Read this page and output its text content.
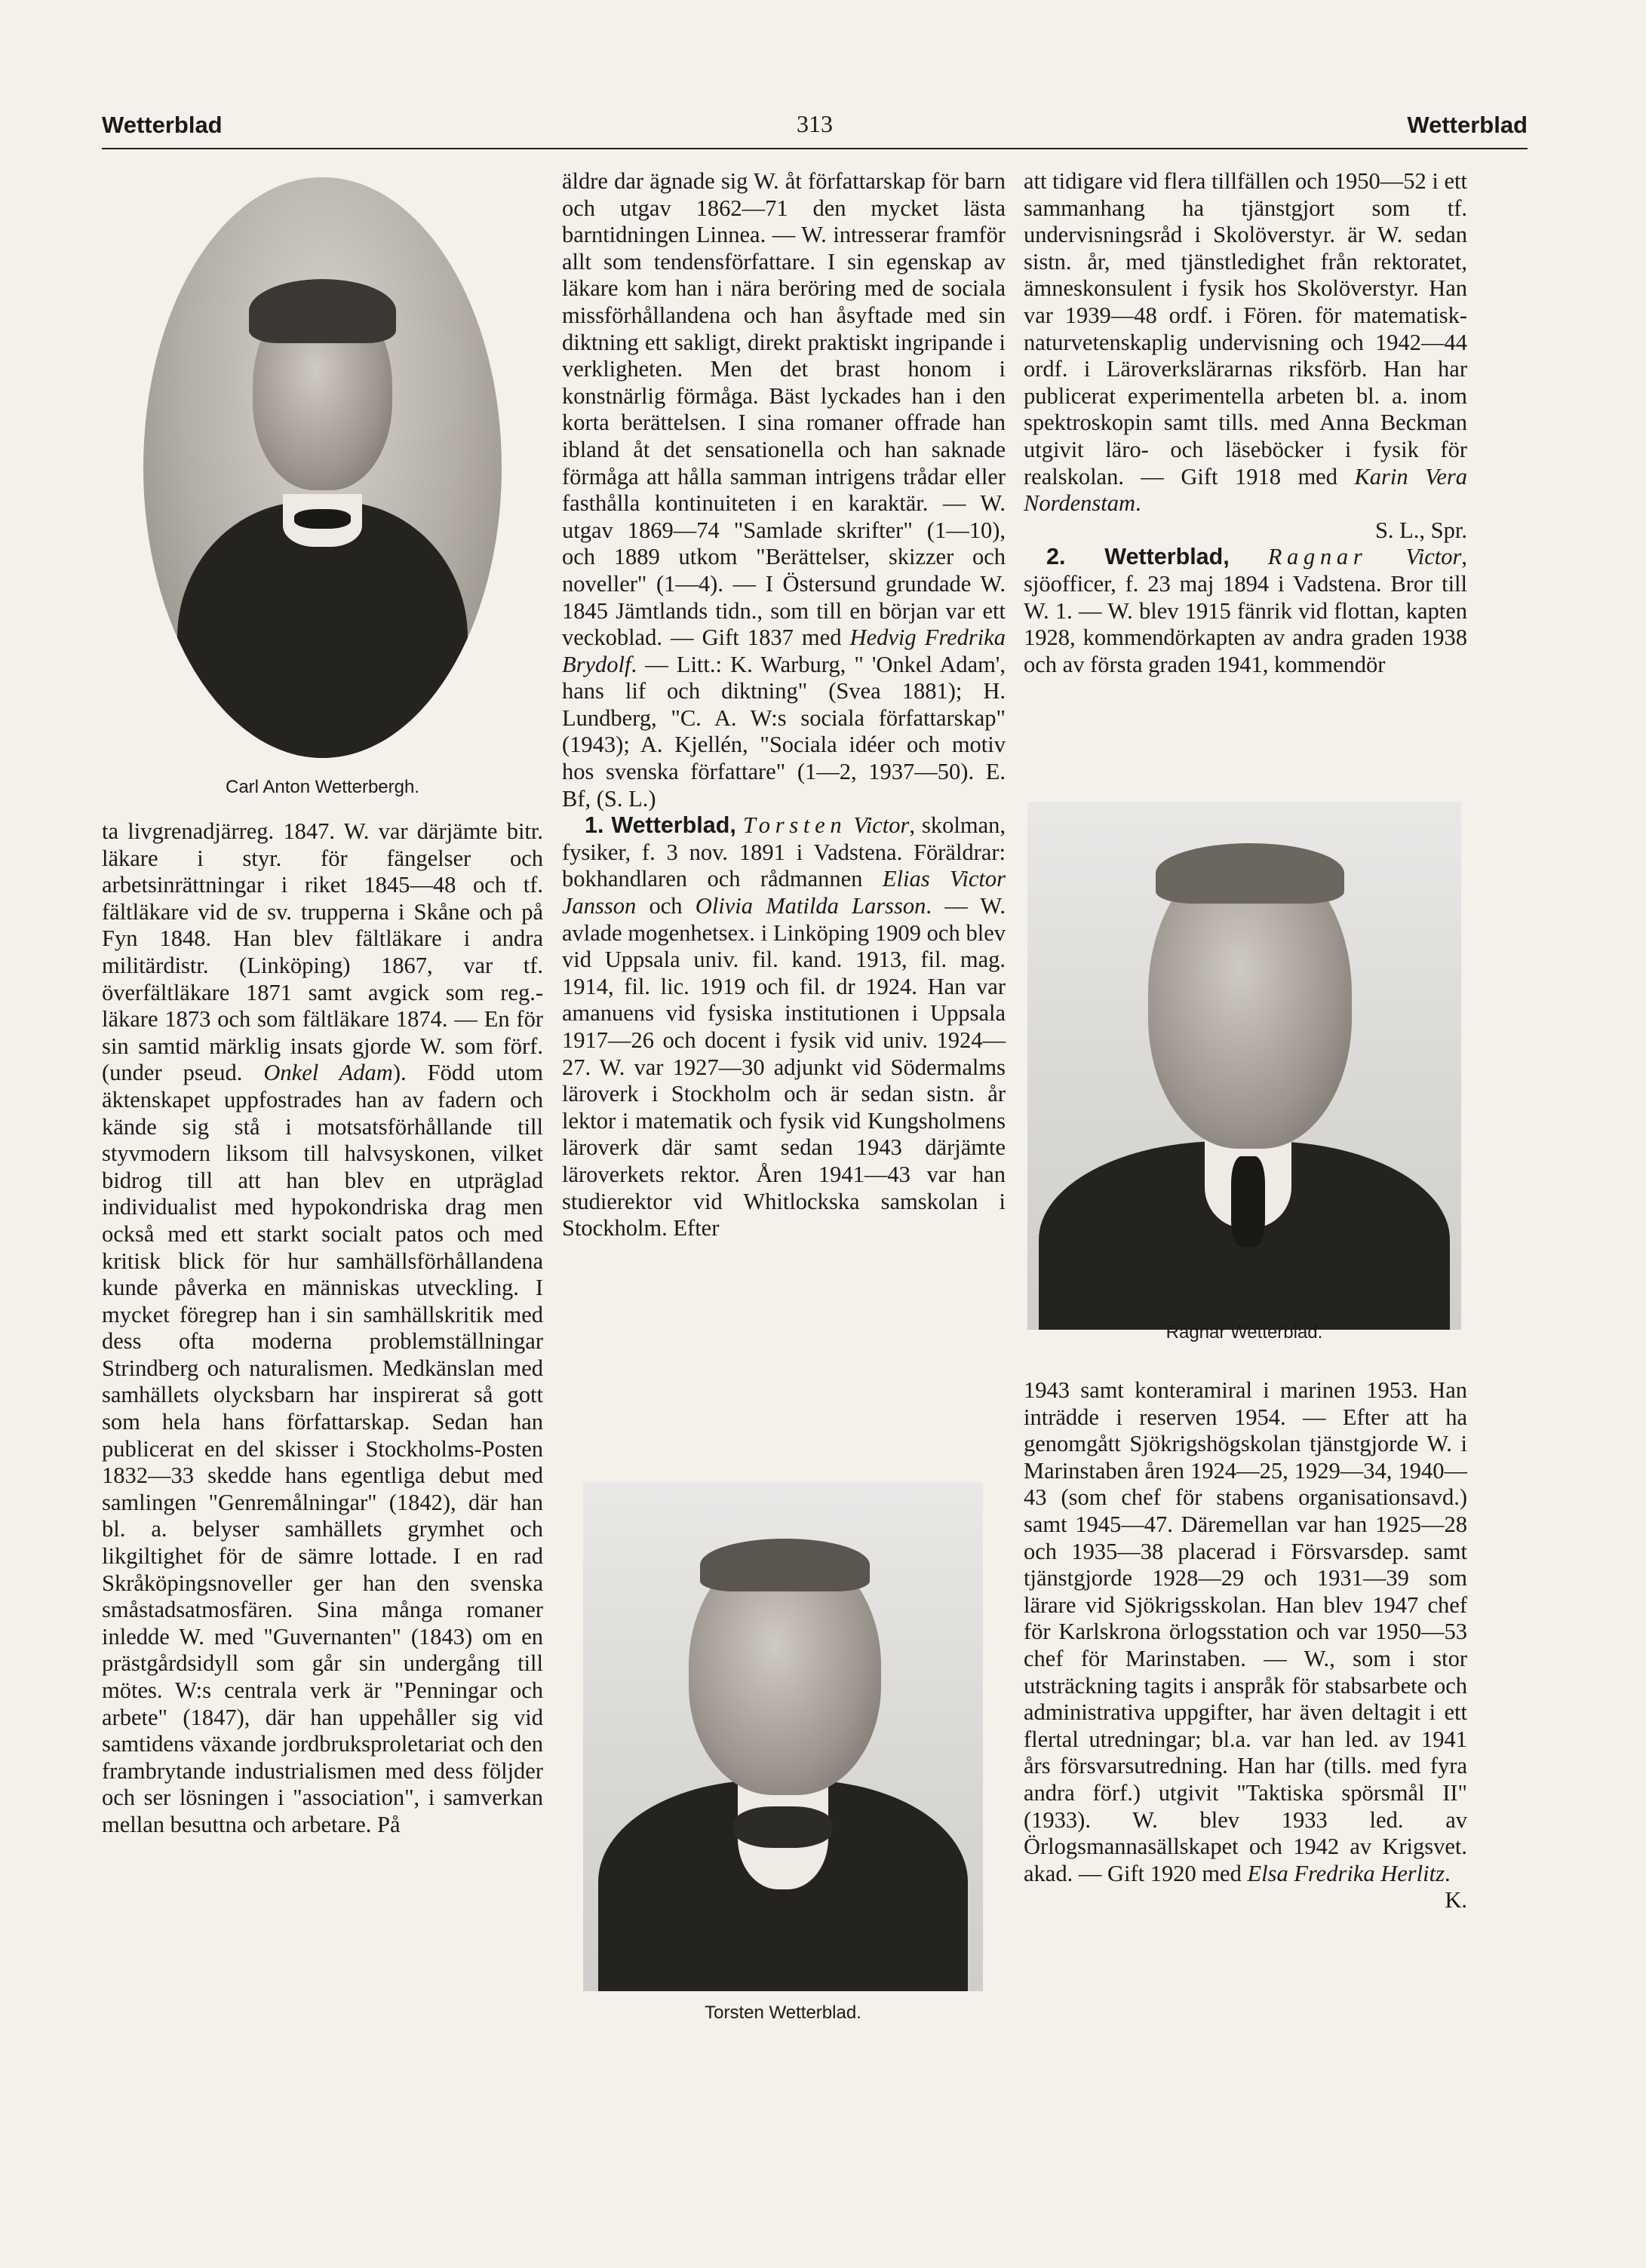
Wetterblad	313	Wetterblad
Carl Anton Wetterbergh.

ta livgrenadjärreg. 1847. W. var därjämte bitr. läkare i styr. för fängelser och arbetsinrättningar i riket 1845—48 och tf. fältläkare vid de sv. trupperna i Skåne och på Fyn 1848. Han blev fältläkare i andra militärdistr. (Linköping) 1867, var tf. överfältläkare 1871 samt avgick som reg.-läkare 1873 och som fältläkare 1874. — En för sin samtid märklig insats gjorde W. som förf. (under pseud. Onkel Adam). Född utom äktenskapet uppfostrades han av fadern och kände sig stå i motsatsförhållande till styvmodern liksom till halvsyskonen, vilket bidrog till att han blev en utpräglad individualist med hypokondriska drag men också med ett starkt socialt patos och med kritisk blick för hur samhällsförhållandena kunde påverka en människas utveckling. I mycket föregrep han i sin samhällskritik med dess ofta moderna problemställningar Strindberg och naturalismen. Medkänslan med samhällets olycksbarn har inspirerat så gott som hela hans författarskap. Sedan han publicerat en del skisser i Stockholms-Posten 1832—33 skedde hans egentliga debut med samlingen "Genremålningar" (1842), där han bl. a. belyser samhällets grymhet och likgiltighet för de sämre lottade. I en rad Skråköpingsnoveller ger han den svenska småstadsatmosfären. Sina många romaner inledde W. med "Guvernanten" (1843) om en prästgårdsidyll som går sin undergång till mötes. W:s centrala verk är "Penningar och arbete" (1847), där han uppehåller sig vid samtidens växande jordbruksproletariat och den frambrytande industrialismen med dess följder och ser lösningen i "association", i samverkan mellan besuttna och arbetare. På

äldre dar ägnade sig W. åt författarskap för barn och utgav 1862—71 den mycket lästa barntidningen Linnea. — W. intresserar framför allt som tendensförfattare. I sin egenskap av läkare kom han i nära beröring med de sociala missförhållandena och han åsyftade med sin diktning ett sakligt, direkt praktiskt ingripande i verkligheten. Men det brast honom i konstnärlig förmåga. Bäst lyckades han i den korta berättelsen. I sina romaner offrade han ibland åt det sensationella och han saknade förmåga att hålla samman intrigens trådar eller fasthålla kontinuiteten i en karaktär. — W. utgav 1869—74 "Samlade skrifter" (1—10), och 1889 utkom "Berättelser, skizzer och noveller" (1—4). — I Östersund grundade W. 1845 Jämtlands tidn., som till en början var ett veckoblad. — Gift 1837 med Hedvig Fredrika Brydolf. — Litt.: K. Warburg, " 'Onkel Adam', hans lif och diktning" (Svea 1881); H. Lundberg, "C. A. W:s sociala författarskap" (1943); A. Kjellén, "Sociala idéer och motiv hos svenska författare" (1—2, 1937—50). E. Bf, (S. L.)

1. Wetterblad, Torsten Victor, skolman, fysiker, f. 3 nov. 1891 i Vadstena. Föräldrar: bokhandlaren och rådmannen Elias Victor Jansson och Olivia Matilda Larsson. — W. avlade mogenhetsex. i Linköping 1909 och blev vid Uppsala univ. fil. kand. 1913, fil. mag. 1914, fil. lic. 1919 och fil. dr 1924. Han var amanuens vid fysiska institutionen i Uppsala 1917—26 och docent i fysik vid univ. 1924—27. W. var 1927—30 adjunkt vid Södermalms läroverk i Stockholm och är sedan sistn. år lektor i matematik och fysik vid Kungsholmens läroverk där samt sedan 1943 därjämte läroverkets rektor. Åren 1941—43 var han studierektor vid Whitlockska samskolan i Stockholm. Efter

Torsten Wetterblad.

att tidigare vid flera tillfällen och 1950—52 i ett sammanhang ha tjänstgjort som tf. undervisningsråd i Skolöverstyr. är W. sedan sistn. år, med tjänstledighet från rektoratet, ämneskonsulent i fysik hos Skolöverstyr. Han var 1939—48 ordf. i Fören. för matematisk-naturvetenskaplig undervisning och 1942—44 ordf. i Läroverkslärarnas riksförb. Han har publicerat experimentella arbeten bl. a. inom spektroskopin samt tills. med Anna Beckman utgivit läro- och läseböcker i fysik för realskolan. — Gift 1918 med Karin Vera Nordenstam.

S. L., Spr.

2. Wetterblad, Ragnar Victor, sjöofficer, f. 23 maj 1894 i Vadstena. Bror till W. 1. — W. blev 1915 fänrik vid flottan, kapten 1928, kommendörkapten av andra graden 1938 och av första graden 1941, kommendör

Ragnar Wetterblad.

1943 samt konteramiral i marinen 1953. Han inträdde i reserven 1954. — Efter att ha genomgått Sjökrigshögskolan tjänstgjorde W. i Marinstaben åren 1924—25, 1929—34, 1940—43 (som chef för stabens organisationsavd.) samt 1945—47. Däremellan var han 1925—28 och 1935—38 placerad i Försvarsdep. samt tjänstgjorde 1928—29 och 1931—39 som lärare vid Sjökrigsskolan. Han blev 1947 chef för Karlskrona örlogsstation och var 1950—53 chef för Marinstaben. — W., som i stor utsträckning tagits i anspråk för stabsarbete och administrativa uppgifter, har även deltagit i ett flertal utredningar; bl.a. var han led. av 1941 års försvarsutredning. Han har (tills. med fyra andra förf.) utgivit "Taktiska spörsmål II" (1933). W. blev 1933 led. av Örlogsmannasällskapet och 1942 av Krigsvet. akad. — Gift 1920 med Elsa Fredrika Herlitz.
K.
